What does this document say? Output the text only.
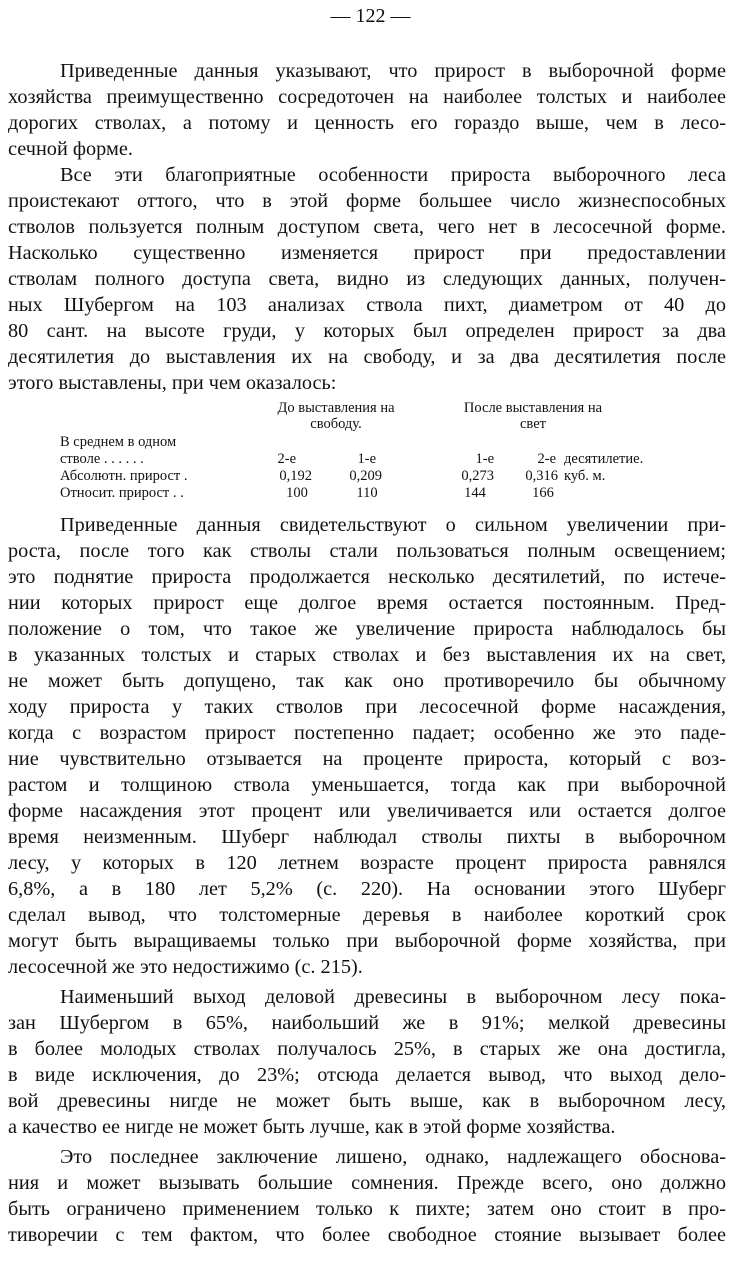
— 122 —
Приведенные данныя указывают, что прирост в выборочной форме
хозяйства преимущественно сосредоточен на наиболее толстых и наиболее
дорогих стволах, а потому и ценность его гораздо выше, чем в лесо-
сечной форме.
Все эти благоприятные особенности прироста выборочного леса
проистекают оттого, что в этой форме большее число жизнеспособных
стволов пользуется полным доступом света, чего нет в лесосечной форме.
Насколько существенно изменяется прирост при предоставлении
стволам полного доступа света, видно из следующих данных, получен-
ных Шубергом на 103 анализах ствола пихт, диаметром от 40 до
80 сант. на высоте груди, у которых был определен прирост за два
десятилетия до выставления их на свободу, и за два десятилетия после
этого выставлены, при чем оказалось:
До выставления на
свободу.
После выставления на
свет
В среднем в одном
стволе . . . . . .	2-е	1-е	1-е	2-е десятилетие.
Абсолютн. прирост .	0,192	0,209	0,273	0,316 куб. м.
Относит. прирост . .	100	110	144	166
Приведенные данныя свидетельствуют о сильном увеличении при-
роста, после того как стволы стали пользоваться полным освещением;
это поднятие прироста продолжается несколько десятилетий, по истече-
нии которых прирост еще долгое время остается постоянным. Пред-
положение о том, что такое же увеличение прироста наблюдалось бы
в указанных толстых и старых стволах и без выставления их на свет,
не может быть допущено, так как оно противоречило бы обычному
ходу прироста у таких стволов при лесосечной форме насаждения,
когда с возрастом прирост постепенно падает; особенно же это паде-
ние чувствительно отзывается на проценте прироста, который с воз-
растом и толщиною ствола уменьшается, тогда как при выборочной
форме насаждения этот процент или увеличивается или остается долгое
время неизменным. Шуберг наблюдал стволы пихты в выборочном
лесу, у которых в 120 летнем возрасте процент прироста равнялся
6,8%, а в 180 лет 5,2% (с. 220). На основании этого Шуберг
сделал вывод, что толстомерные деревья в наиболее короткий срок
могут быть выращиваемы только при выборочной форме хозяйства, при
лесосечной же это недостижимо (с. 215).
Наименьший выход деловой древесины в выборочном лесу пока-
зан Шубергом в 65%, наибольший же в 91%; мелкой древесины
в более молодых стволах получалось 25%, в старых же она достигла,
в виде исключения, до 23%; отсюда делается вывод, что выход дело-
вой древесины нигде не может быть выше, как в выборочном лесу,
а качество ее нигде не может быть лучше, как в этой форме хозяйства.
Это последнее заключение лишено, однако, надлежащего обоснова-
ния и может вызывать большие сомнения. Прежде всего, оно должно
быть ограничено применением только к пихте; затем оно стоит в про-
тиворечии с тем фактом, что более свободное стояние вызывает более
